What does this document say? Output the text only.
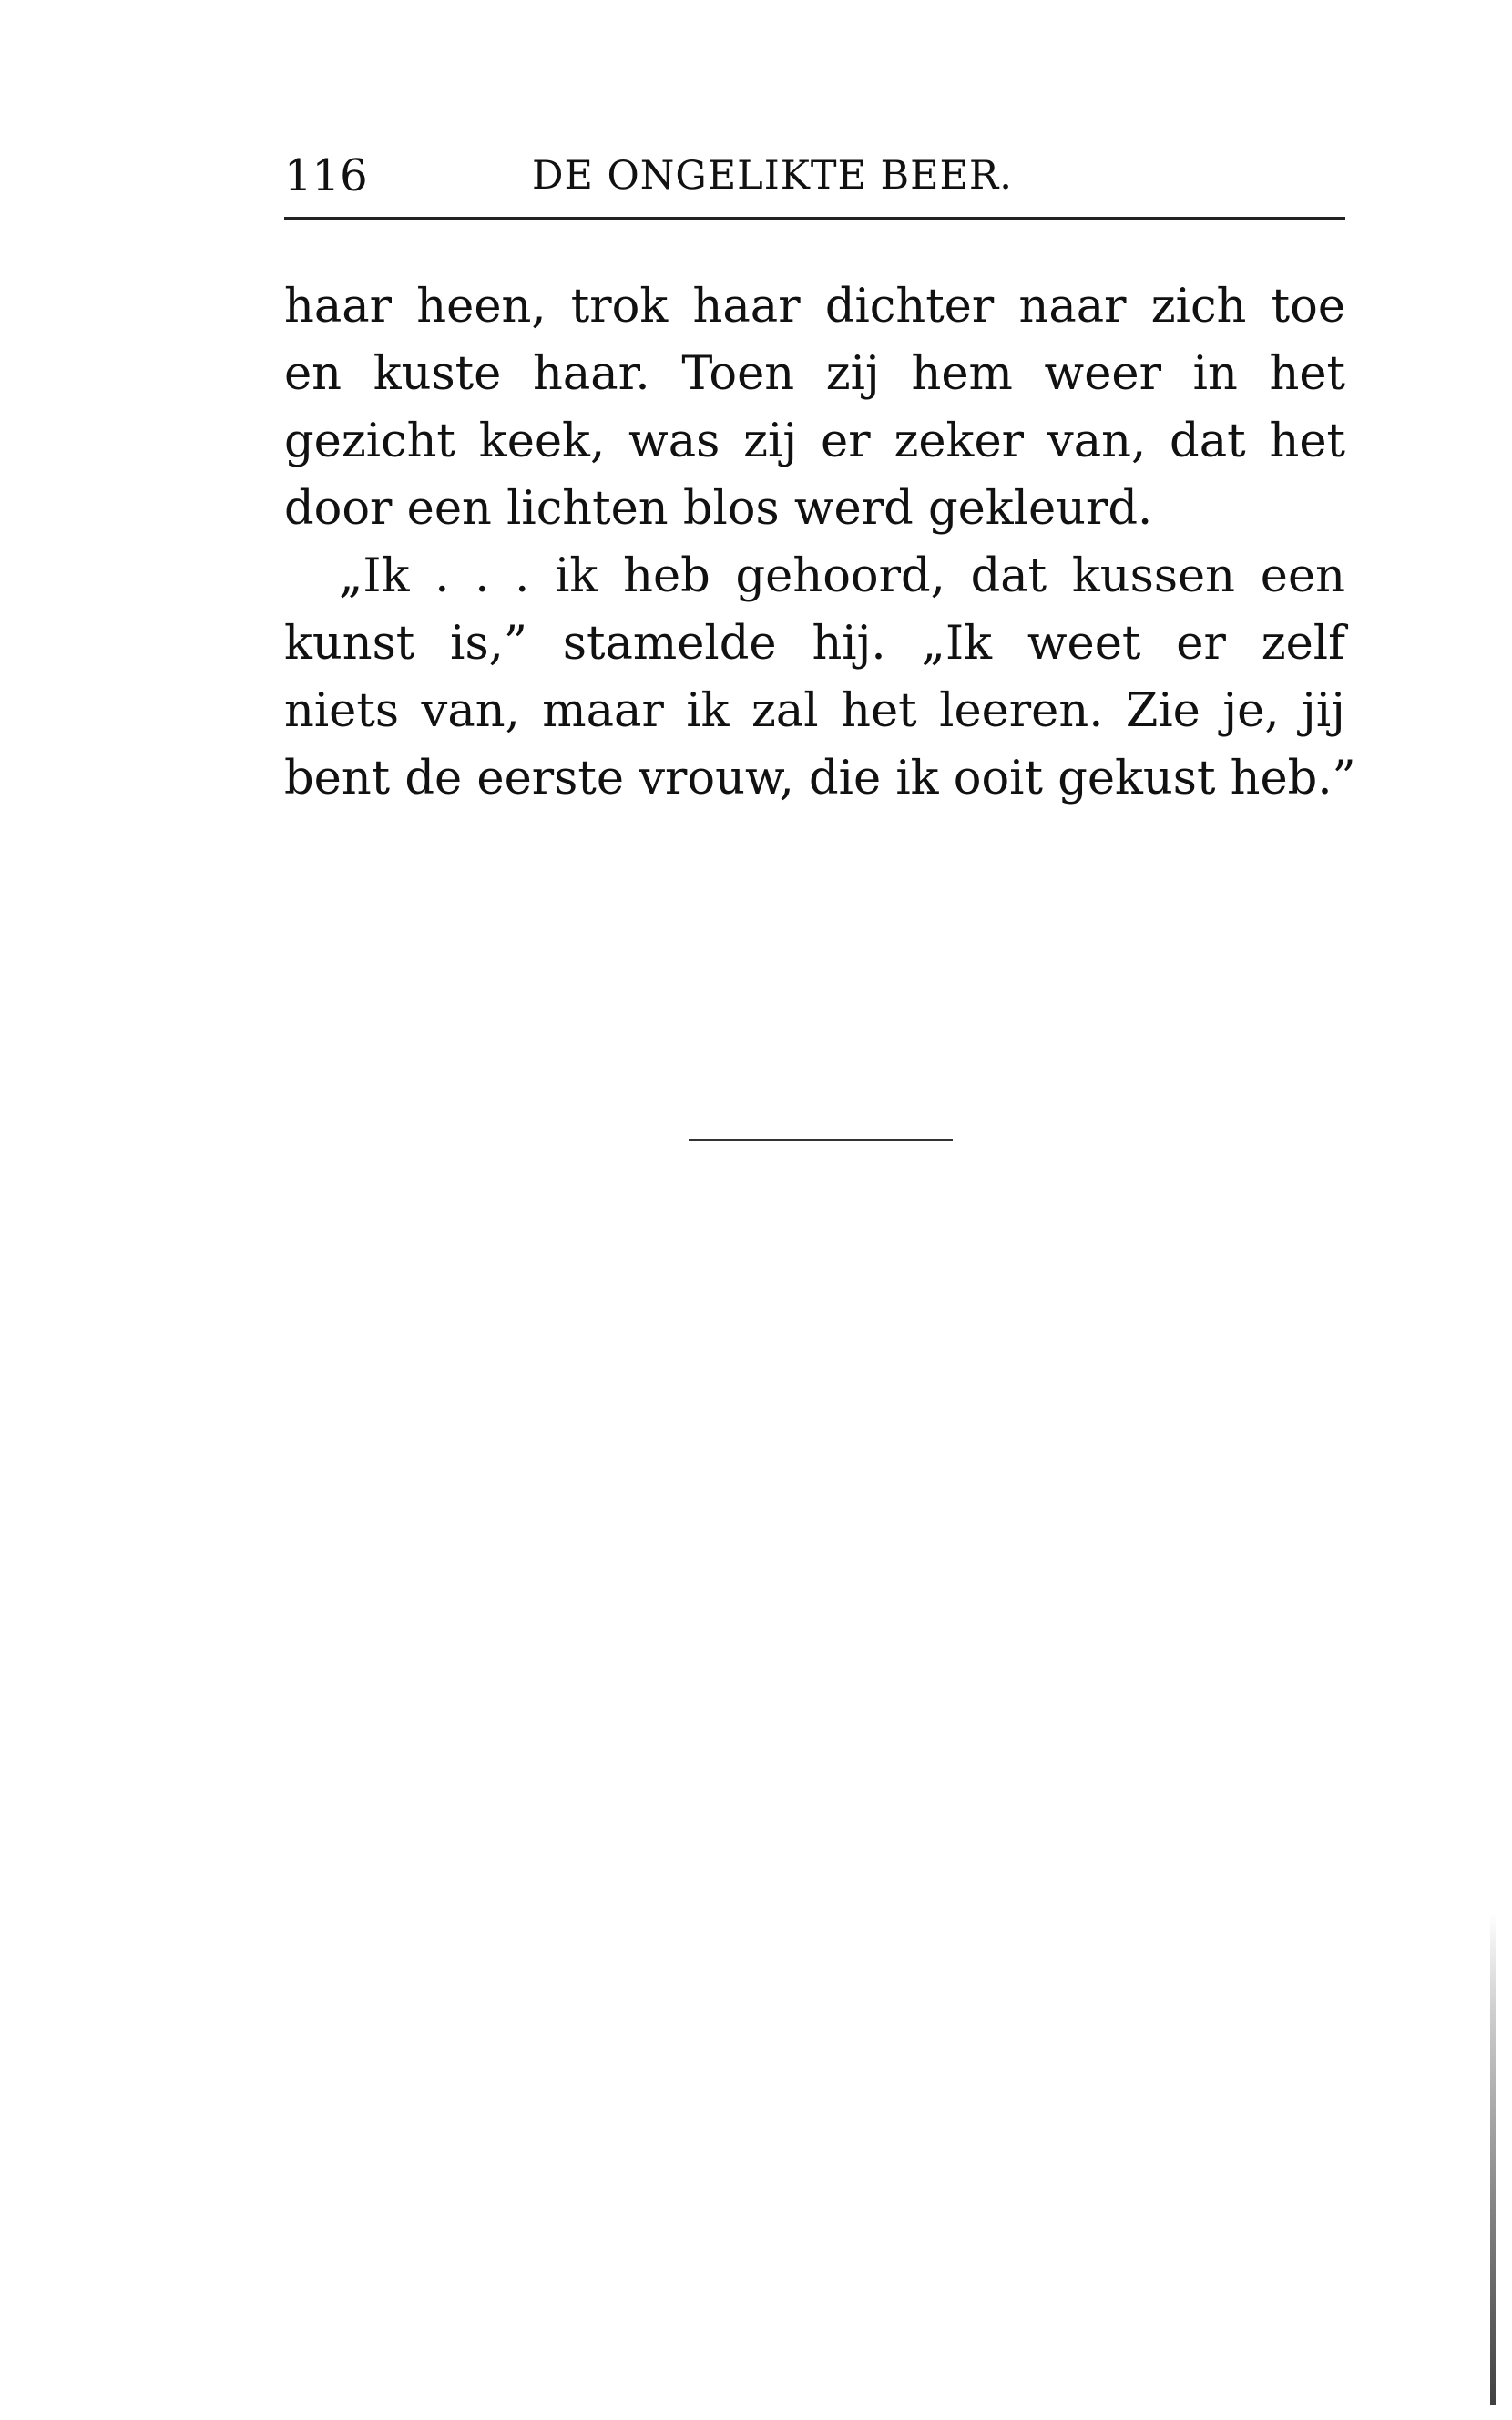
116	DE ONGELIKTE BEER.
haar heen, trok haar dichter naar zich toe
en kuste haar. Toen zij hem weer in het
gezicht keek, was zij er zeker van, dat het
door een lichten blos werd gekleurd.
„Ik . . . ik heb gehoord, dat kussen een
kunst is,” stamelde hij. „Ik weet er zelf
niets van, maar ik zal het leeren. Zie je, jij
bent de eerste vrouw, die ik ooit gekust heb.”
